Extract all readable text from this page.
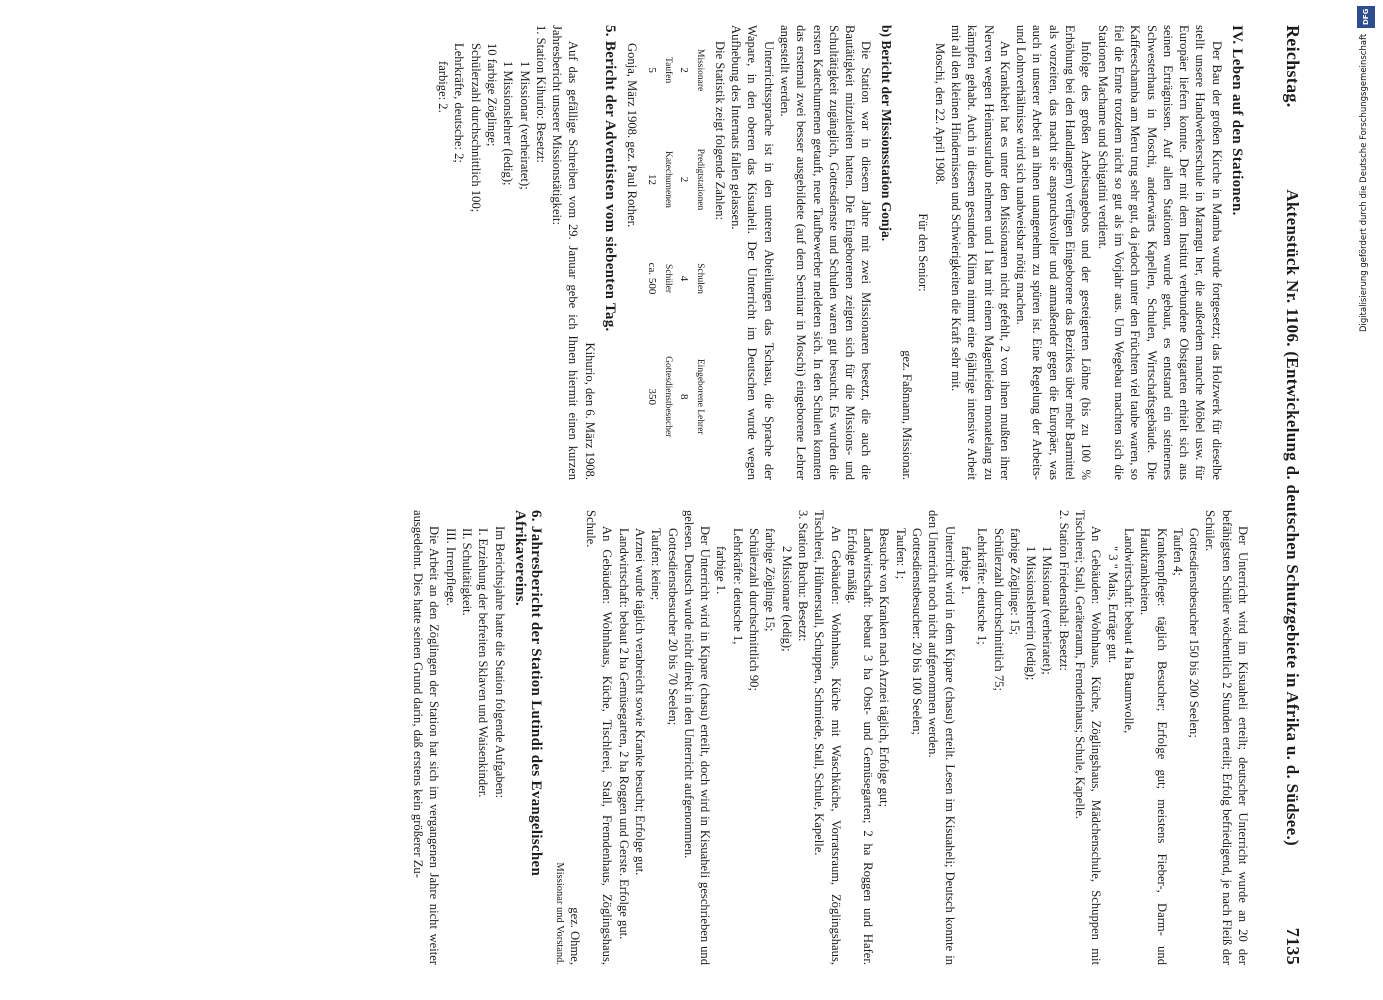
DFG
Digitalisierung gefördert durch die Deutsche Forschungsgemeinschaft
Reichstag.
Aktenstück Nr. 1106. (Entwickelung d. deutschen Schutzgebiete in Afrika u. d. Südsee.)
7135
IV. Leben auf den Stationen.

Der Bau der großen Kirche in Mamba wurde fortgesetzt; das Holzwerk für dieselbe stellt unsere Handwerkerschule in Marangu her, die außerdem manche Möbel usw. für Europäer liefern konnte. Der mit dem Institut verbundene Obstgarten erhielt sich aus seinen Erträgnissen. Auf allen Stationen wurde gebaut, es entstand ein steinernes Schwesterhaus in Moschi, anderwärts Kapellen, Schulen, Wirtschaftsgebäude. Die Kaffeeschamba am Meru trug sehr gut, da jedoch unter den Früchten viel taube waren, so fiel die Ernte trotzdem nicht so gut als im Vorjahr aus. Um Wegebau machten sich die Stationen Machame und Schigatini verdient.

Infolge des großen Arbeitsangebots und der gesteigerten Löhne (bis zu 100 % Erhöhung bei den Handlangern) verfügen Eingeborene das Bezirkes über mehr Barmittel als vorzeiten, das macht sie anspruchsvoller und anmaßender gegen die Europäer, was auch in unserer Arbeit an ihnen unangenehm zu spüren ist. Eine Regelung der Arbeits- und Lohnverhältnisse wird sich unabweisbar nötig machen.

An Krankheit hat es unter den Missionaren nicht gefehlt, 2 von ihnen mußten ihrer Nerven wegen Heimatsurlaub nehmen und 1 hat mit einem Magenleiden monatelang zu kämpfen gehabt. Auch in diesem gesunden Klima nimmt eine 6jährige intensive Arbeit mit all den kleinen Hindernissen und Schwierigkeiten die Kraft sehr mit.

Moschi, den 22. April 1908.

Für den Senior:

gez. Faßmann, Missionar.

b) Bericht der Missionsstation Gonja.

Die Station war in diesem Jahre mit zwei Missionaren besetzt, die auch die Bautätigkeit mitzuleiten hatten. Die Eingeborenen zeigten sich für die Missions- und Schultätigkeit zugänglich, Gottesdienste und Schulen waren gut besucht. Es wurden die ersten Katechumenen getauft, neue Taufbewerber meldeten sich. In den Schulen konnten das erstemal zwei besser ausgebildete (auf dem Seminar in Moschi) eingeborene Lehrer angestellt werden.

Unterrichtssprache ist in den unteren Abteilungen das Tschasu, die Sprache der Wapare, in den oberen das Kisuaheli. Der Unterricht im Deutschen wurde wegen Aufhebung des Internats fallen gelassen.

Die Statistik zeigt folgende Zahlen:

Missionare	Predigtstationen	Schulen	Eingeborene Lehrer
2	2	4	8
Taufen	Katechumenen	Schüler	Gottesdienstbesucher
5	12	ca. 500	350

Gonja, März 1908. gez. Paul Rother.

5. Bericht der Adventisten vom siebenten Tag.

Kihurio, den 6. März 1908.

Auf das gefällige Schreiben vom 29. Januar gebe ich Ihnen hiermit einen kurzen Jahresbericht unserer Missionstätigkeit:

1. Station Kihurio: Besetzt:

1 Missionar (verheiratet);

1 Missionslehrer (ledig);

10 farbige Zöglinge;

Schülerzahl durchschnittlich 100;

Lehrkräfte, deutsche: 2;

farbige: 2.

Der Unterricht wird im Kisuaheli erteilt; deutscher Unterricht wurde an 20 der befähigtsten Schüler wöchentlich 2 Stunden erteilt; Erfolg befriedigend, je nach Fleiß der Schüler.

Gottesdienstbesucher 150 bis 200 Seelen;

Taufen 4;

Krankenpflege: täglich Besucher; Erfolge gut; meistens Fieber-, Darm- und Hautkrankheiten.

Landwirtschaft: bebaut 4 ha Baumwolle,

" 3 " Mais, Erträge gut.

An Gebäuden: Wohnhaus, Küche, Zöglingshaus, Mädchenschule, Schuppen mit Tischlerei; Stall, Geräteraum, Fremdenhaus; Schule, Kapelle.

2. Station Friedensthal: Besetzt:

1 Missionar (verheiratet);

1 Missionslehrerin (ledig);

farbige Zöglinge: 15;

Schülerzahl durchschnittlich 75;

Lehrkräfte: deutsche 1;

farbige 1.

Unterricht wird in dem Kipare (chasu) erteilt. Lesen im Kisuaheli; Deutsch konnte in den Unterricht noch nicht aufgenommen werden.

Gottesdienstbesucher: 20 bis 100 Seelen;

Taufen: 1;

Besuche von Kranken nach Arznei täglich, Erfolge gut;

Landwirtschaft: bebaut 3 ha Obst- und Gemüsegarten; 2 ha Roggen und Hafer. Erfolge mäßig.

An Gebäuden: Wohnhaus, Küche mit Waschküche, Vorratsraum, Zöglingshaus, Tischlerei, Hühnerstall, Schuppen, Schmiede, Stall, Schule, Kapelle.

3. Station Buchu: Besetzt:

2 Missionare (ledig);

farbige Zöglinge 15;

Schülerzahl durchschnittlich 90;

Lehrkräfte: deutsche 1,

farbige 1.

Der Unterricht wird in Kipare (chasu) erteilt, doch wird in Kisuaheli geschrieben und gelesen. Deutsch wurde nicht direkt in den Unterricht aufgenommen.

Gottesdienstbesucher 20 bis 70 Seelen;

Taufen: keine;

Arznei wurde täglich verabreicht sowie Kranke besucht; Erfolge gut.

Landwirtschaft: bebaut 2 ha Gemüsegarten, 2 ha Roggen und Gerste. Erfolge gut.

An Gebäuden: Wohnhaus, Küche, Tischlerei, Stall, Fremdenhaus, Zöglingshaus, Schule.

gez. Ohme,

Missionar und Vorstand.

6. Jahresbericht der Station Lutindi des Evangelischen Afrikavereins.

Im Berichtsjahre hatte die Station folgende Aufgaben:

I. Erziehung der befreiten Sklaven und Waisenkinder.

II. Schultätigkeit.

III. Irrenpflege.

Die Arbeit an den Zöglingen der Station hat sich im vergangenen Jahre nicht weiter ausgedehnt. Dies hatte seinen Grund darin, daß erstens kein größerer Zu-
